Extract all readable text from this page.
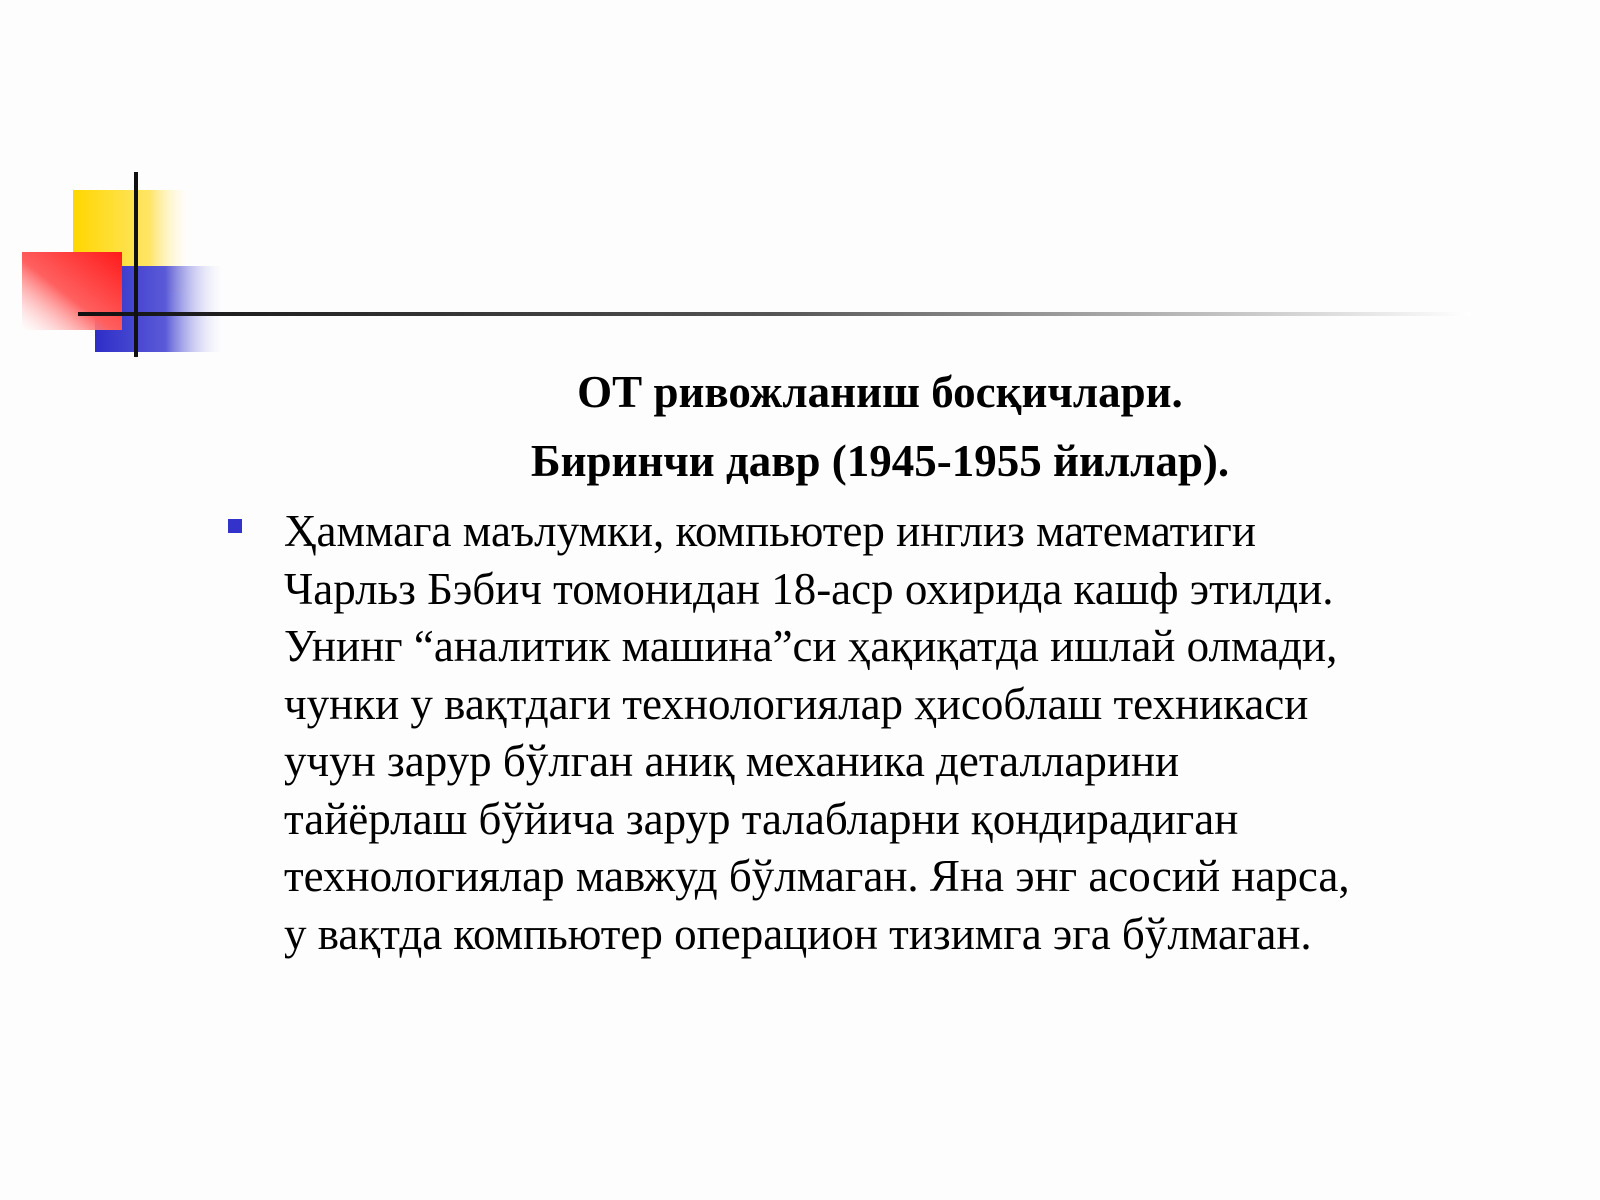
ОТ ривожланиш босқичлари.
Биринчи давр (1945-1955 йиллар).
Ҳаммага маълумки, компьютер инглиз математиги
Чарльз Бэбич томонидан 18-аср охирида кашф этилди.
Унинг “аналитик машина”си ҳақиқатда ишлай олмади,
чунки у вақтдаги технологиялар ҳисоблаш техникаси
учун зарур бўлган аниқ механика деталларини
тайёрлаш бўйича зарур талабларни қондирадиган
технологиялар мавжуд бўлмаган. Яна энг асосий нарса,
у вақтда компьютер операцион тизимга эга бўлмаган.
